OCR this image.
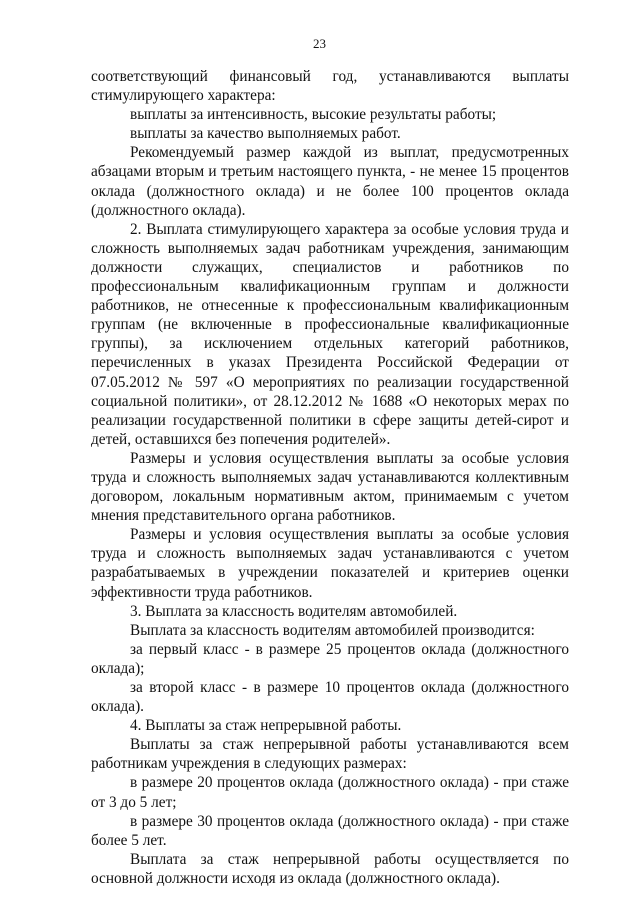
23

соответствующий финансовый год, устанавливаются выплаты стимулирующего характера:

выплаты за интенсивность, высокие результаты работы;

выплаты за качество выполняемых работ.

Рекомендуемый размер каждой из выплат, предусмотренных абзацами вторым и третьим настоящего пункта, - не менее 15 процентов оклада (должностного оклада) и не более 100 процентов оклада (должностного оклада).

2. Выплата стимулирующего характера за особые условия труда и сложность выполняемых задач работникам учреждения, занимающим должности служащих, специалистов и работников по профессиональным квалификационным группам и должности работников, не отнесенные к профессиональным квалификационным группам (не включенные в профессиональные квалификационные группы), за исключением отдельных категорий работников, перечисленных в указах Президента Российской Федерации от 07.05.2012 № 597 «О мероприятиях по реализации государственной социальной политики», от 28.12.2012 № 1688 «О некоторых мерах по реализации государственной политики в сфере защиты детей-сирот и детей, оставшихся без попечения родителей».

Размеры и условия осуществления выплаты за особые условия труда и сложность выполняемых задач устанавливаются коллективным договором, локальным нормативным актом, принимаемым с учетом мнения представительного органа работников.

Размеры и условия осуществления выплаты за особые условия труда и сложность выполняемых задач устанавливаются с учетом разрабатываемых в учреждении показателей и критериев оценки эффективности труда работников.

3. Выплата за классность водителям автомобилей.

Выплата за классность водителям автомобилей производится:

за первый класс - в размере 25 процентов оклада (должностного оклада);

за второй класс - в размере 10 процентов оклада (должностного оклада).

4. Выплаты за стаж непрерывной работы.

Выплаты за стаж непрерывной работы устанавливаются всем работникам учреждения в следующих размерах:

в размере 20 процентов оклада (должностного оклада) - при стаже от 3 до 5 лет;

в размере 30 процентов оклада (должностного оклада) - при стаже более 5 лет.

Выплата за стаж непрерывной работы осуществляется по основной должности исходя из оклада (должностного оклада).
